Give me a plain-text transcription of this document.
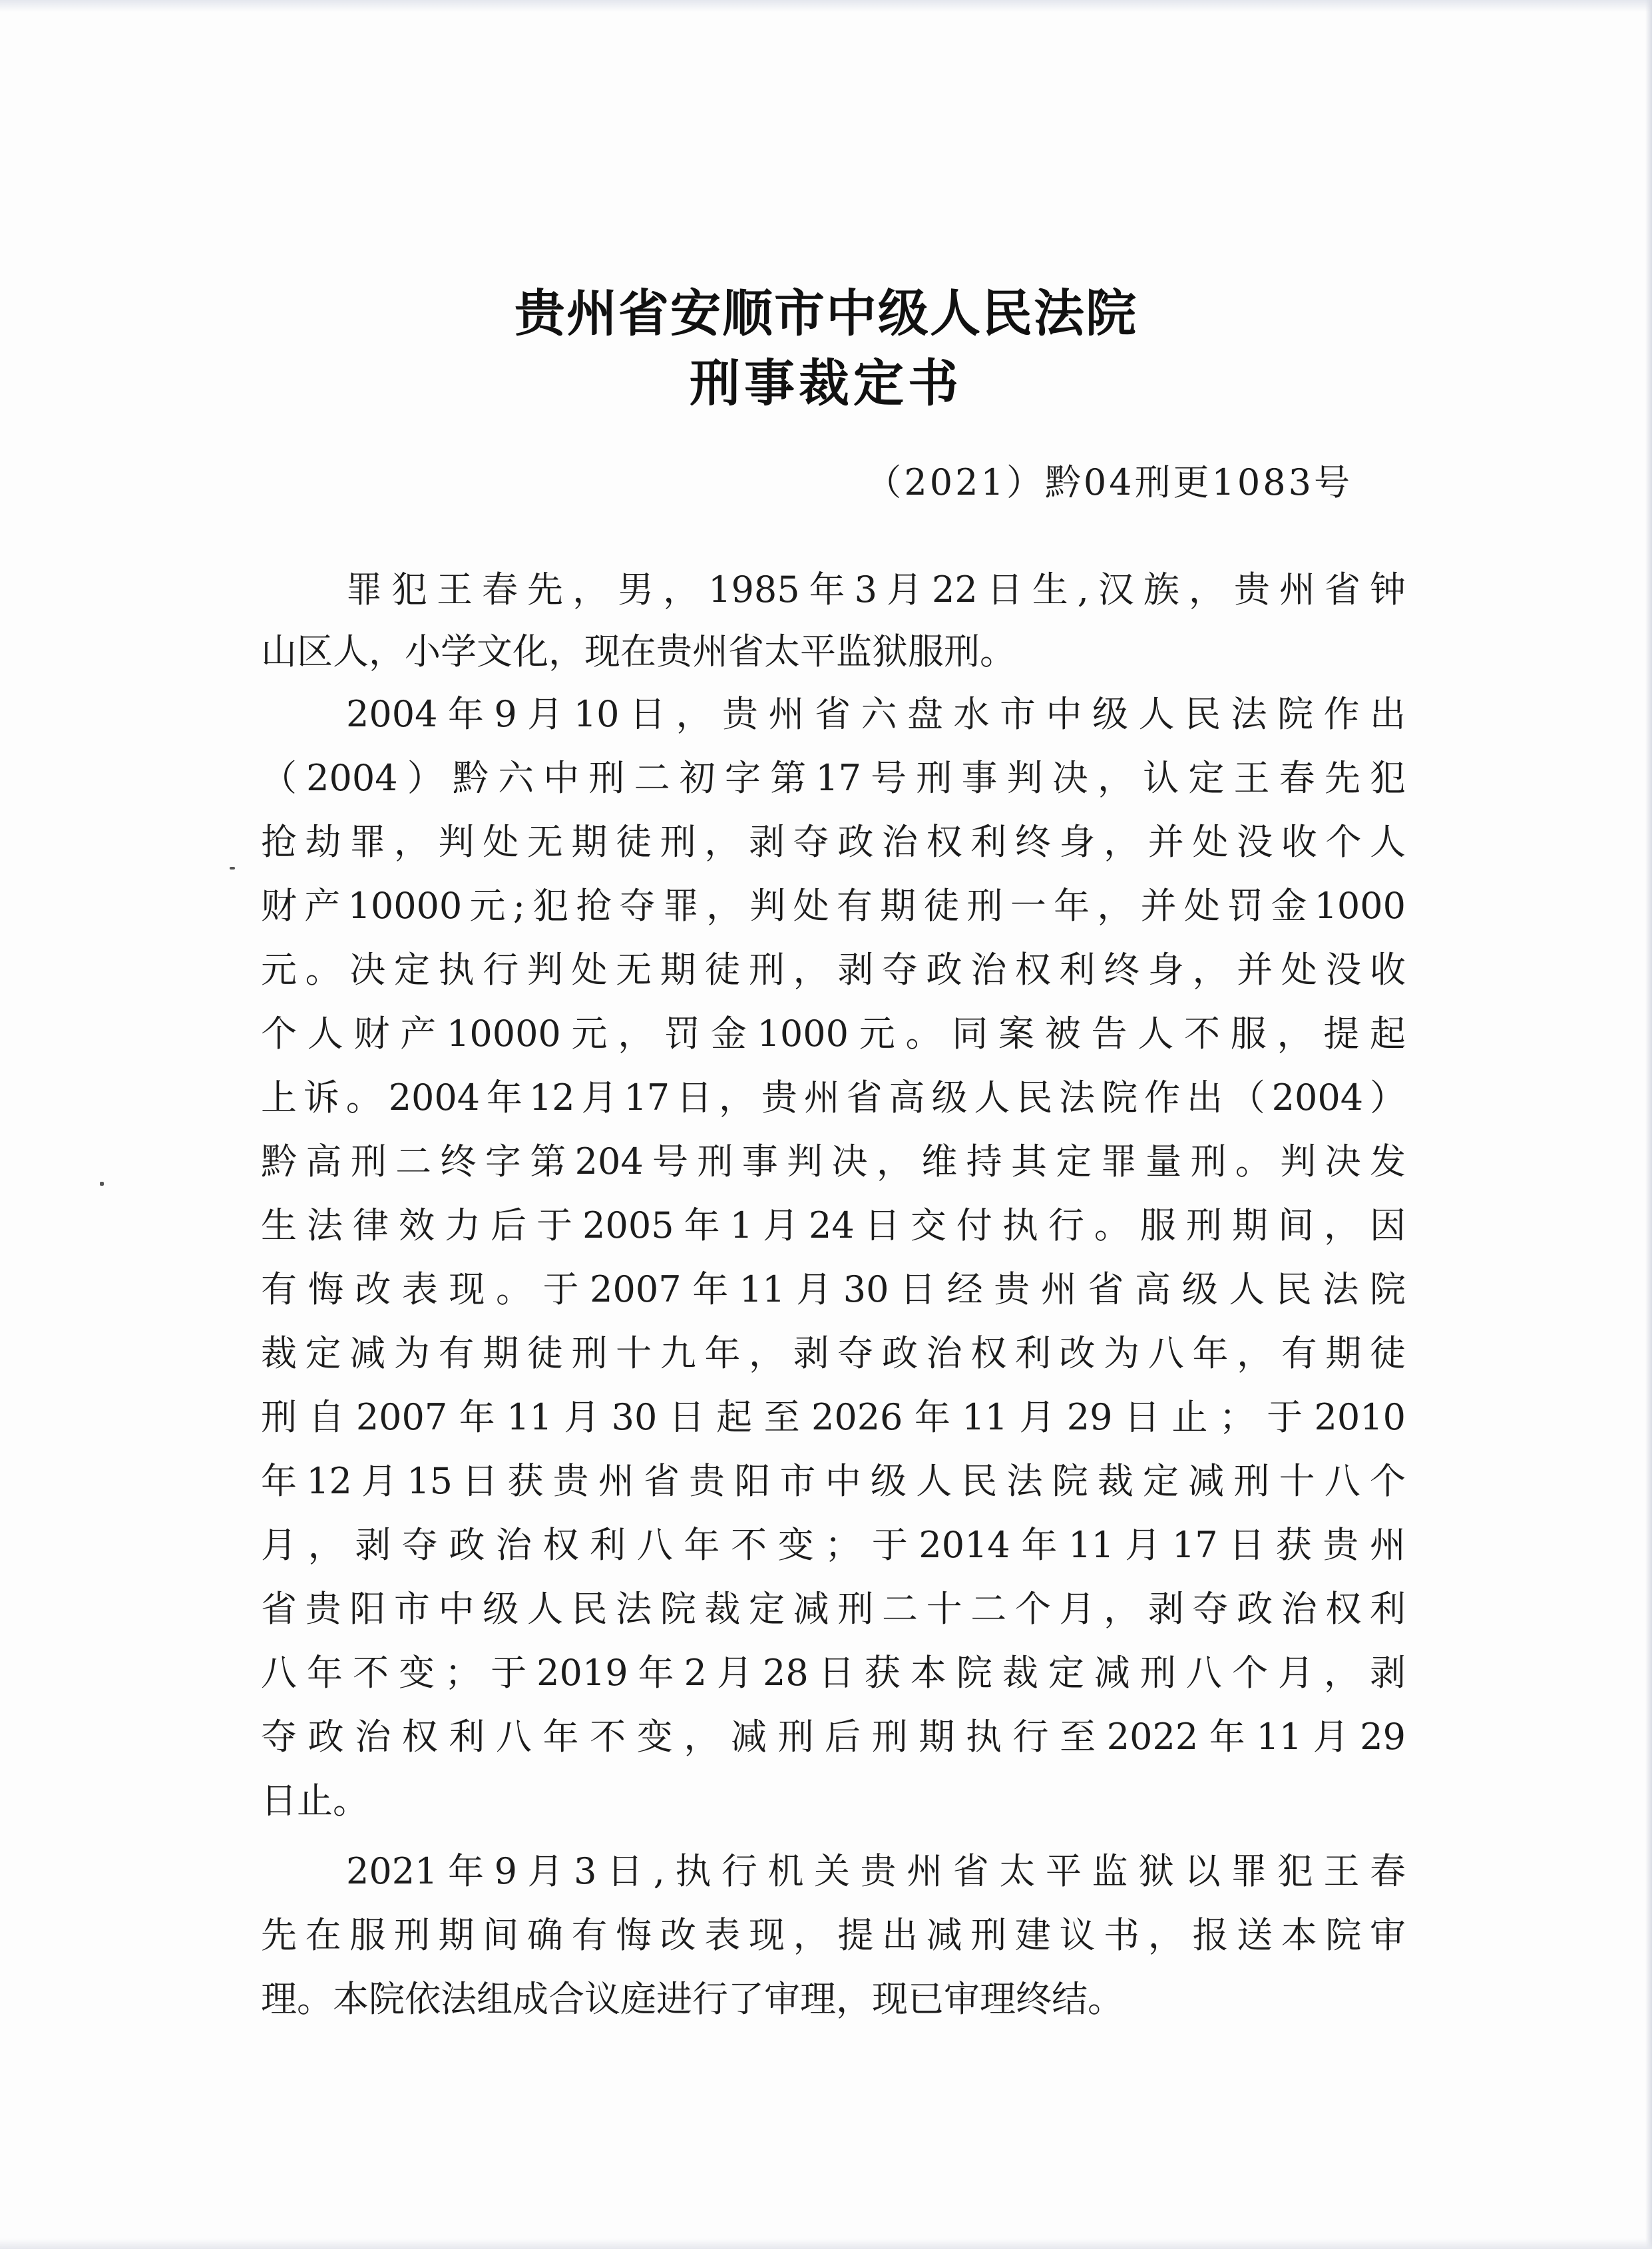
贵州省安顺市中级人民法院
刑事裁定书
（2021）黔04刑更1083号
罪犯王春先，男，1985年3月22日生,汉族，贵州省钟
山区人，小学文化，现在贵州省太平监狱服刑。
2004年9月10日，贵州省六盘水市中级人民法院作出
（2004）黔六中刑二初字第17号刑事判决，认定王春先犯
抢劫罪，判处无期徒刑，剥夺政治权利终身，并处没收个人
财产10000元;犯抢夺罪，判处有期徒刑一年，并处罚金1000
元。决定执行判处无期徒刑，剥夺政治权利终身，并处没收
个人财产10000元，罚金1000元。同案被告人不服，提起
上诉。2004年12月17日，贵州省高级人民法院作出（2004）
黔高刑二终字第204号刑事判决，维持其定罪量刑。判决发
生法律效力后于2005年1月24日交付执行。服刑期间，因
有悔改表现。于2007年11月30日经贵州省高级人民法院
裁定减为有期徒刑十九年，剥夺政治权利改为八年，有期徒
刑自2007年11月30日起至2026年11月29日止；于2010
年12月15日获贵州省贵阳市中级人民法院裁定减刑十八个
月，剥夺政治权利八年不变；于2014年11月17日获贵州
省贵阳市中级人民法院裁定减刑二十二个月，剥夺政治权利
八年不变；于2019年2月28日获本院裁定减刑八个月，剥
夺政治权利八年不变，减刑后刑期执行至2022年11月29
日止。
2021年9月3日,执行机关贵州省太平监狱以罪犯王春
先在服刑期间确有悔改表现，提出减刑建议书，报送本院审
理。本院依法组成合议庭进行了审理，现已审理终结。
